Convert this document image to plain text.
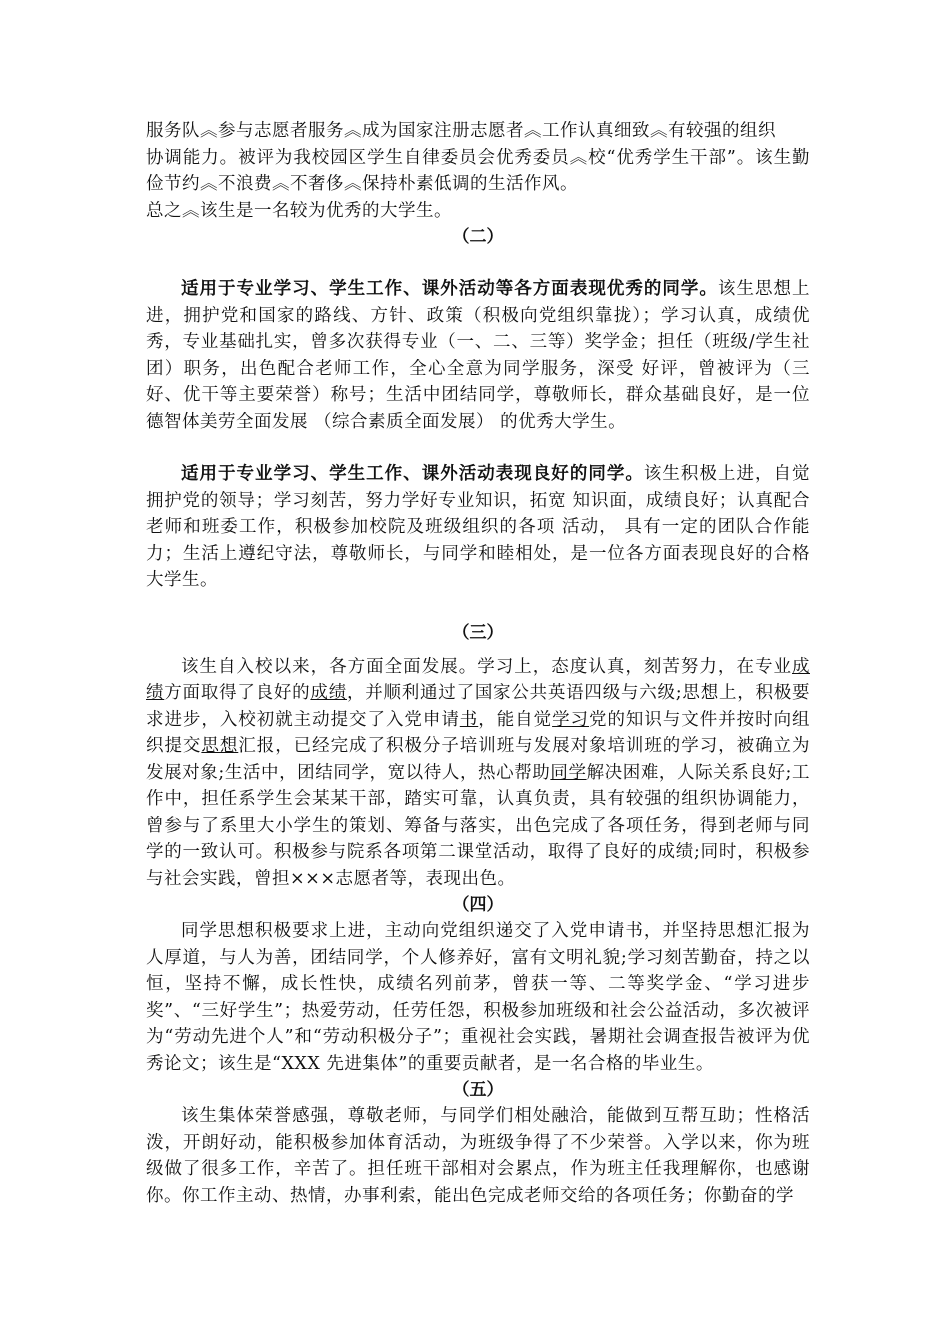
服务队︽参与志愿者服务︽成为国家注册志愿者︽工作认真细致︽有较强的组织

协调能力。被评为我校园区学生自律委员会优秀委员︽校“优秀学生干部”。该生勤俭节约︽不浪费︽不奢侈︽保持朴素低调的生活作风。

总之︽该生是一名较为优秀的大学生。

（二）

适用于专业学习、学生工作、课外活动等各方面表现优秀的同学。该生思想上进，拥护党和国家的路线、方针、政策（积极向党组织靠拢）；学习认真，成绩优秀，专业基础扎实，曾多次获得专业（一、二、三等）奖学金；担任（班级/学生社团）职务，出色配合老师工作，全心全意为同学服务，深受 好评，曾被评为（三好、优干等主要荣誉）称号；生活中团结同学，尊敬师长，群众基础良好，是一位德智体美劳全面发展 （综合素质全面发展） 的优秀大学生。

适用于专业学习、学生工作、课外活动表现良好的同学。该生积极上进，自觉拥护党的领导；学习刻苦，努力学好专业知识，拓宽 知识面，成绩良好；认真配合老师和班委工作，积极参加校院及班级组织的各项 活动， 具有一定的团队合作能力；生活上遵纪守法，尊敬师长，与同学和睦相处，是一位各方面表现良好的合格大学生。

（三）

该生自入校以来，各方面全面发展。学习上，态度认真，刻苦努力，在专业成绩方面取得了良好的成绩，并顺利通过了国家公共英语四级与六级;思想上，积极要求进步，入校初就主动提交了入党申请书，能自觉学习党的知识与文件并按时向组织提交思想汇报，已经完成了积极分子培训班与发展对象培训班的学习，被确立为发展对象;生活中，团结同学，宽以待人，热心帮助同学解决困难，人际关系良好;工作中，担任系学生会某某干部，踏实可靠，认真负责，具有较强的组织协调能力，曾参与了系里大小学生的策划、筹备与落实，出色完成了各项任务，得到老师与同学的一致认可。积极参与院系各项第二课堂活动，取得了良好的成绩;同时，积极参与社会实践，曾担×××志愿者等，表现出色。

（四）

同学思想积极要求上进，主动向党组织递交了入党申请书，并坚持思想汇报为人厚道，与人为善，团结同学，个人修养好，富有文明礼貌;学习刻苦勤奋，持之以恒，坚持不懈，成长性快，成绩名列前茅，曾获一等、二等奖学金、“学习进步奖”、“三好学生”；热爱劳动，任劳任怨，积极参加班级和社会公益活动，多次被评为“劳动先进个人”和“劳动积极分子”；重视社会实践，暑期社会调查报告被评为优秀论文；该生是“XXX 先进集体”的重要贡献者，是一名合格的毕业生。

（五）

该生集体荣誉感强，尊敬老师，与同学们相处融洽，能做到互帮互助；性格活泼，开朗好动，能积极参加体育活动，为班级争得了不少荣誉。入学以来，你为班级做了很多工作，辛苦了。担任班干部相对会累点，作为班主任我理解你，也感谢你。你工作主动、热情，办事利索，能出色完成老师交给的各项任务；你勤奋的学
